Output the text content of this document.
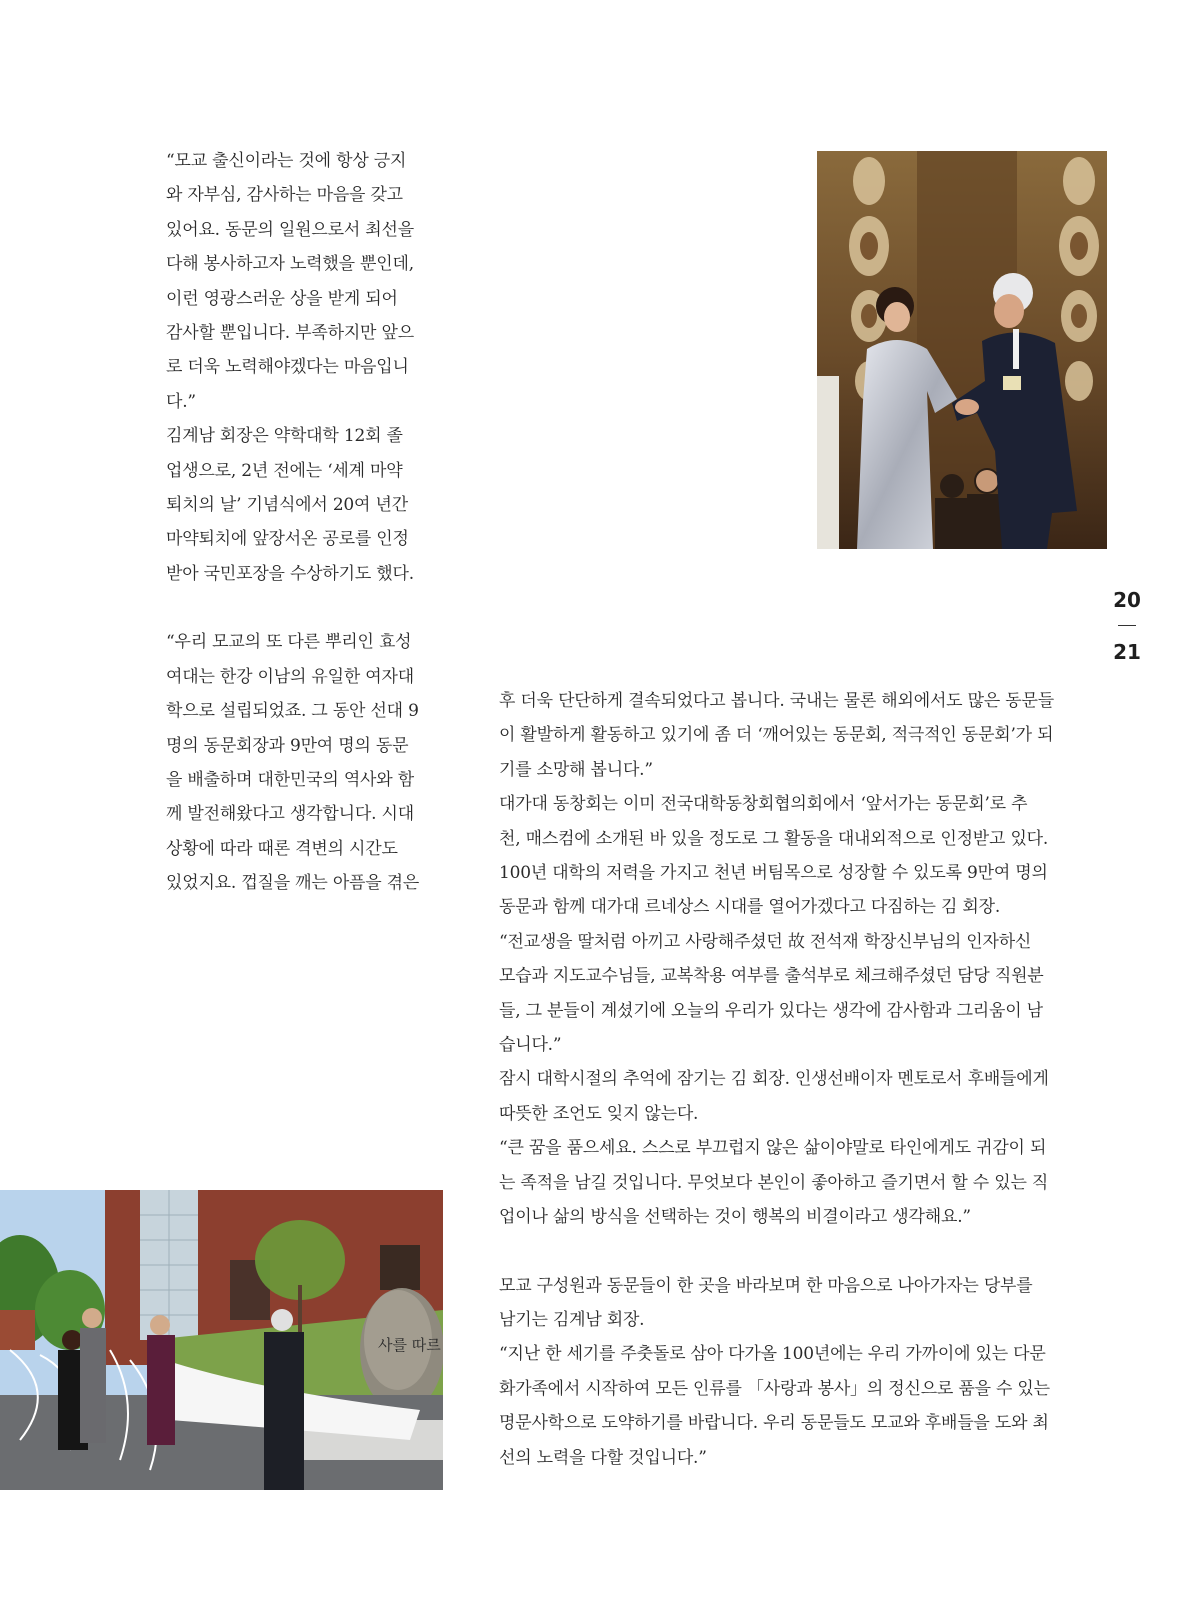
“모교 출신이라는 것에 항상 긍지
와 자부심, 감사하는 마음을 갖고
있어요. 동문의 일원으로서 최선을
다해 봉사하고자 노력했을 뿐인데,
이런 영광스러운 상을 받게 되어
감사할 뿐입니다. 부족하지만 앞으
로 더욱 노력해야겠다는 마음입니
다.”

김계남 회장은 약학대학 12회 졸
업생으로, 2년 전에는 ‘세계 마약
퇴치의 날’ 기념식에서 20여 년간
마약퇴치에 앞장서온 공로를 인정
받아 국민포장을 수상하기도 했다.

“우리 모교의 또 다른 뿌리인 효성
여대는 한강 이남의 유일한 여자대
학으로 설립되었죠. 그 동안 선대 9
명의 동문회장과 9만여 명의 동문
을 배출하며 대한민국의 역사와 함
께 발전해왔다고 생각합니다. 시대
상황에 따라 때론 격변의 시간도
있었지요. 껍질을 깨는 아픔을 겪은

20
21

후 더욱 단단하게 결속되었다고 봅니다. 국내는 물론 해외에서도 많은 동문들
이 활발하게 활동하고 있기에 좀 더 ‘깨어있는 동문회, 적극적인 동문회’가 되
기를 소망해 봅니다.”
대가대 동창회는 이미 전국대학동창회협의회에서 ‘앞서가는 동문회’로 추
천, 매스컴에 소개된 바 있을 정도로 그 활동을 대내외적으로 인정받고 있다.
100년 대학의 저력을 가지고 천년 버팀목으로 성장할 수 있도록 9만여 명의
동문과 함께 대가대 르네상스 시대를 열어가겠다고 다짐하는 김 회장.
“전교생을 딸처럼 아끼고 사랑해주셨던 故 전석재 학장신부님의 인자하신
모습과 지도교수님들, 교복착용 여부를 출석부로 체크해주셨던 담당 직원분
들, 그 분들이 계셨기에 오늘의 우리가 있다는 생각에 감사함과 그리움이 남
습니다.”
잠시 대학시절의 추억에 잠기는 김 회장. 인생선배이자 멘토로서 후배들에게
따뜻한 조언도 잊지 않는다.
“큰 꿈을 품으세요. 스스로 부끄럽지 않은 삶이야말로 타인에게도 귀감이 되
는 족적을 남길 것입니다. 무엇보다 본인이 좋아하고 즐기면서 할 수 있는 직
업이나 삶의 방식을 선택하는 것이 행복의 비결이라고 생각해요.”

모교 구성원과 동문들이 한 곳을 바라보며 한 마음으로 나아가자는 당부를
남기는 김계남 회장.
“지난 한 세기를 주춧돌로 삼아 다가올 100년에는 우리 가까이에 있는 다문
화가족에서 시작하여 모든 인류를 「사랑과 봉사」의 정신으로 품을 수 있는
명문사학으로 도약하기를 바랍니다. 우리 동문들도 모교와 후배들을 도와 최
선의 노력을 다할 것입니다.”

사를 따르
